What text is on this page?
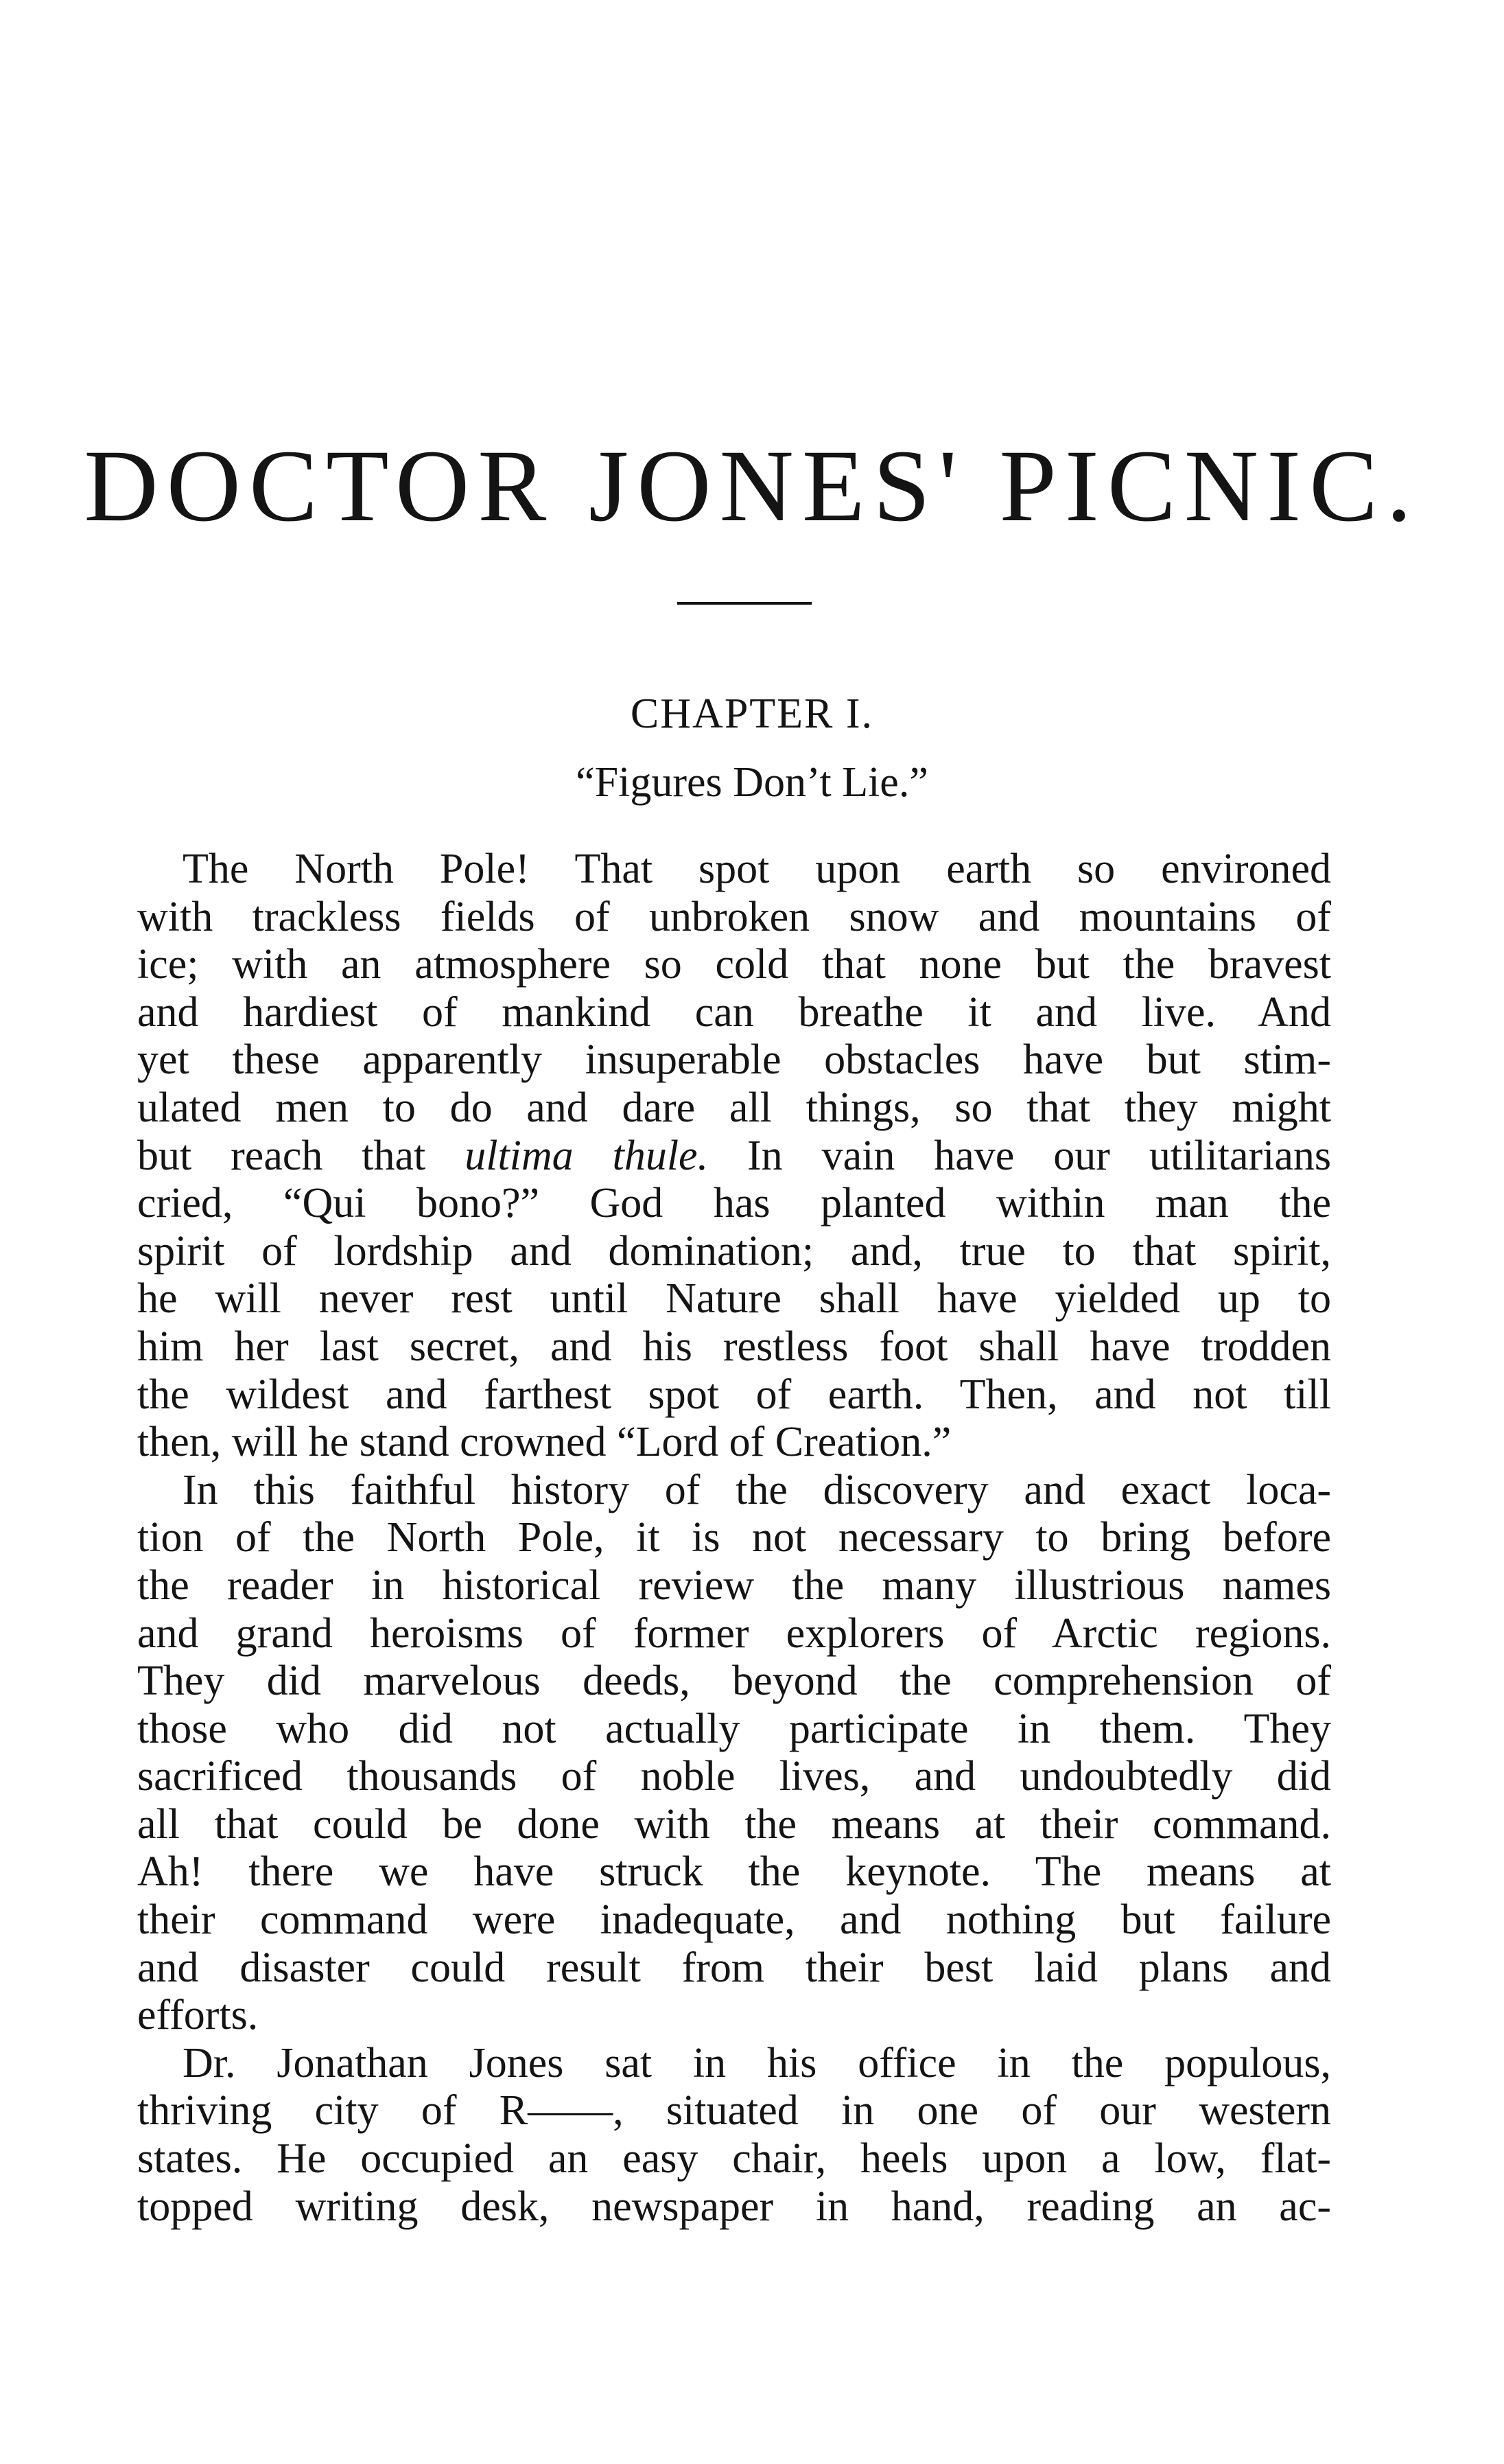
DOCTOR JONES' PICNIC.
CHAPTER I.
“Figures Don’t Lie.”
The North Pole! That spot upon earth so environed
with trackless fields of unbroken snow and mountains of
ice; with an atmosphere so cold that none but the bravest
and hardiest of mankind can breathe it and live. And
yet these apparently insuperable obstacles have but stim-
ulated men to do and dare all things, so that they might
but reach that ultima thule. In vain have our utilitarians
cried, “Qui bono?” God has planted within man the
spirit of lordship and domination; and, true to that spirit,
he will never rest until Nature shall have yielded up to
him her last secret, and his restless foot shall have trodden
the wildest and farthest spot of earth. Then, and not till
then, will he stand crowned “Lord of Creation.”
In this faithful history of the discovery and exact loca-
tion of the North Pole, it is not necessary to bring before
the reader in historical review the many illustrious names
and grand heroisms of former explorers of Arctic regions.
They did marvelous deeds, beyond the comprehension of
those who did not actually participate in them. They
sacrificed thousands of noble lives, and undoubtedly did
all that could be done with the means at their command.
Ah! there we have struck the keynote. The means at
their command were inadequate, and nothing but failure
and disaster could result from their best laid plans and
efforts.
Dr. Jonathan Jones sat in his office in the populous,
thriving city of R——, situated in one of our western
states. He occupied an easy chair, heels upon a low, flat-
topped writing desk, newspaper in hand, reading an ac-
